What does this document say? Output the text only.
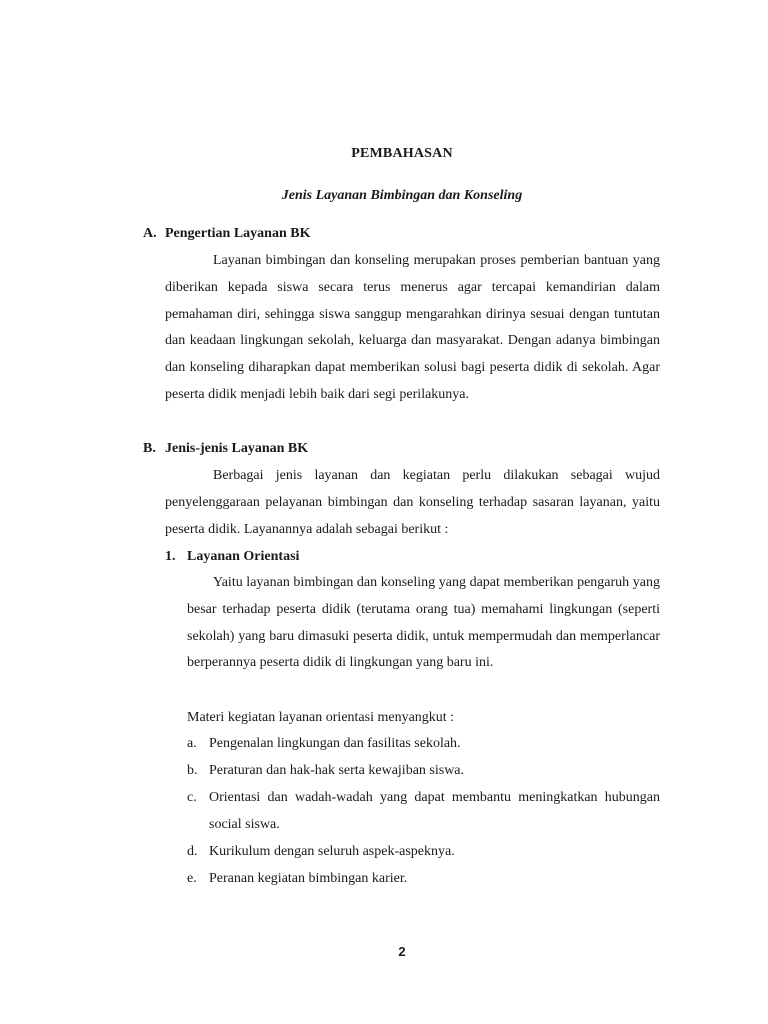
PEMBAHASAN
Jenis Layanan Bimbingan dan Konseling
A. Pengertian Layanan BK
Layanan bimbingan dan konseling merupakan proses pemberian bantuan yang diberikan kepada siswa secara terus menerus agar tercapai kemandirian dalam pemahaman diri, sehingga siswa sanggup mengarahkan dirinya sesuai dengan tuntutan dan keadaan lingkungan sekolah, keluarga dan masyarakat. Dengan adanya bimbingan dan konseling diharapkan dapat memberikan solusi bagi peserta didik di sekolah. Agar peserta didik menjadi lebih baik dari segi perilakunya.
B. Jenis-jenis Layanan BK
Berbagai jenis layanan dan kegiatan perlu dilakukan sebagai wujud penyelenggaraan pelayanan bimbingan dan konseling terhadap sasaran layanan, yaitu peserta didik. Layanannya adalah sebagai berikut :
1. Layanan Orientasi
Yaitu layanan bimbingan dan konseling yang dapat memberikan pengaruh yang besar terhadap peserta didik (terutama orang tua) memahami lingkungan (seperti sekolah) yang baru dimasuki peserta didik, untuk mempermudah dan memperlancar berperannya peserta didik di lingkungan yang baru ini.
Materi kegiatan layanan orientasi menyangkut :
a. Pengenalan lingkungan dan fasilitas sekolah.
b. Peraturan dan hak-hak serta kewajiban siswa.
c. Orientasi dan wadah-wadah yang dapat membantu meningkatkan hubungan social siswa.
d. Kurikulum dengan seluruh aspek-aspeknya.
e. Peranan kegiatan bimbingan karier.
2
